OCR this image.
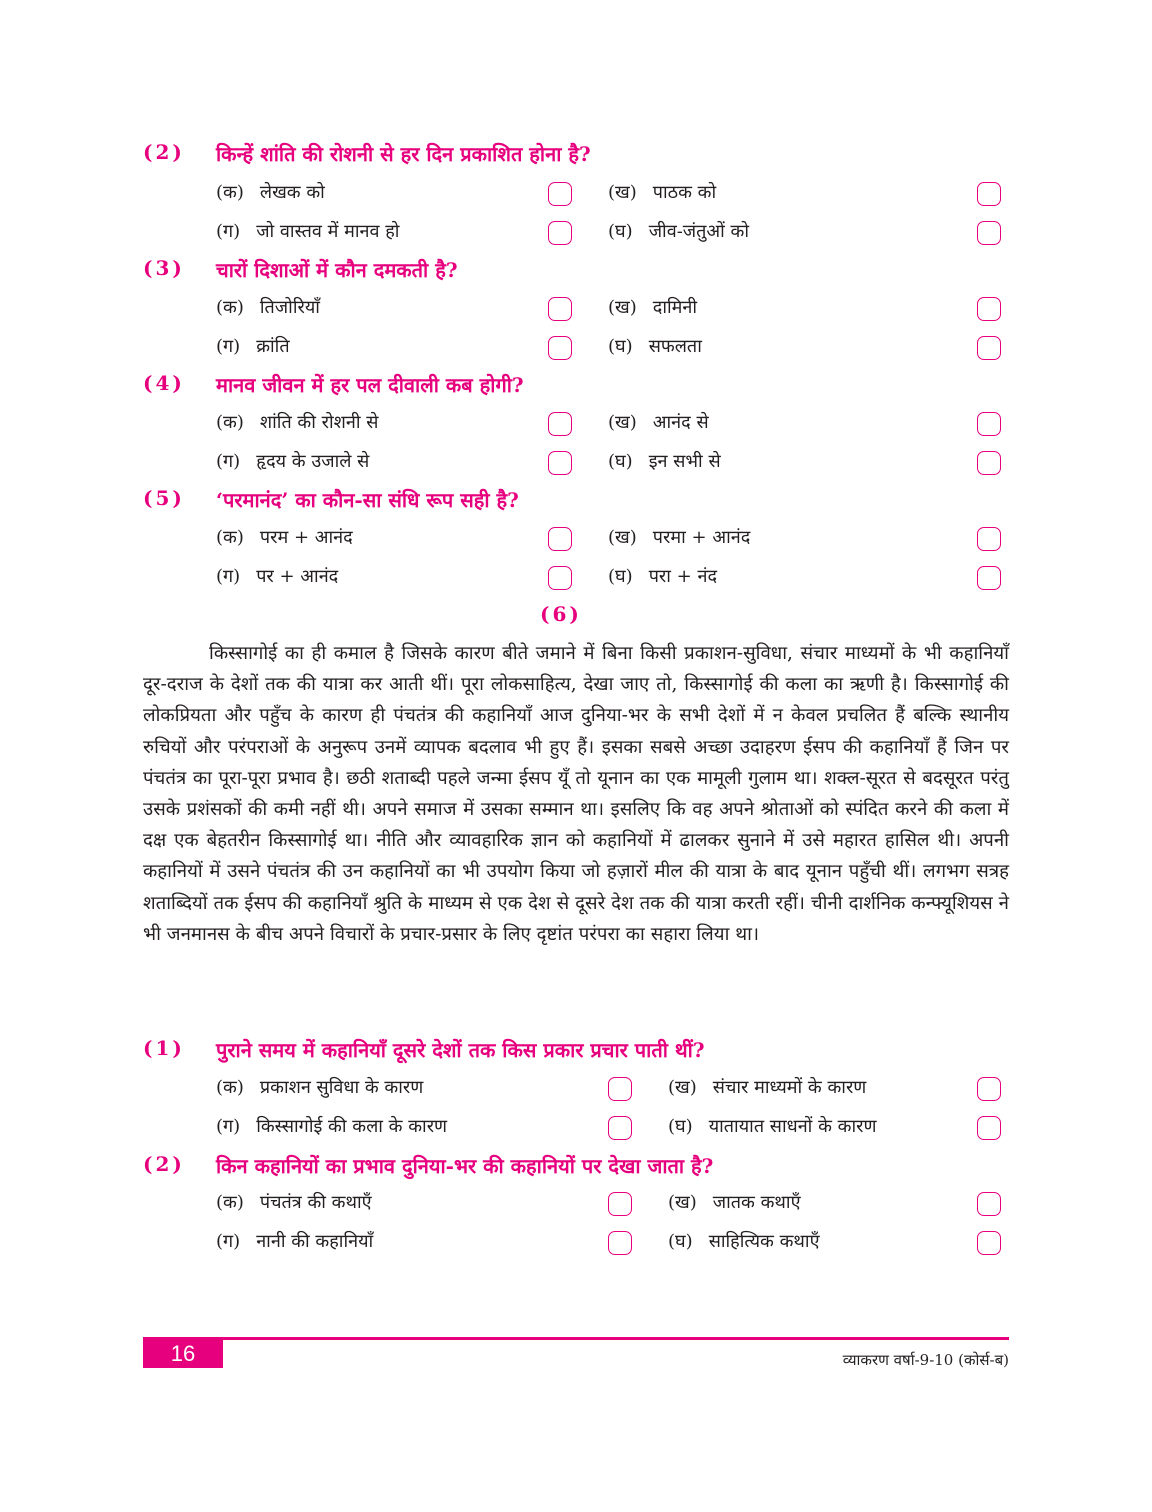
(2) किन्हें शांति की रोशनी से हर दिन प्रकाशित होना है?
(क) लेखक को	(ख) पाठक को
(ग) जो वास्तव में मानव हो	(घ) जीव-जंतुओं को
(3) चारों दिशाओं में कौन दमकती है?
(क) तिजोरियाँ	(ख) दामिनी
(ग) क्रांति	(घ) सफलता
(4) मानव जीवन में हर पल दीवाली कब होगी?
(क) शांति की रोशनी से	(ख) आनंद से
(ग) हृदय के उजाले से	(घ) इन सभी से
(5) ‘परमानंद’ का कौन-सा संधि रूप सही है?
(क) परम + आनंद	(ख) परमा + आनंद
(ग) पर + आनंद	(घ) परा + नंद
(6)
किस्सागोई का ही कमाल है जिसके कारण बीते जमाने में बिना किसी प्रकाशन-सुविधा, संचार माध्यमों के भी कहानियाँ दूर-दराज के देशों तक की यात्रा कर आती थीं। पूरा लोकसाहित्य, देखा जाए तो, किस्सागोई की कला का ऋणी है। किस्सागोई की लोकप्रियता और पहुँच के कारण ही पंचतंत्र की कहानियाँ आज दुनिया-भर के सभी देशों में न केवल प्रचलित हैं बल्कि स्थानीय रुचियों और परंपराओं के अनुरूप उनमें व्यापक बदलाव भी हुए हैं। इसका सबसे अच्छा उदाहरण ईसप की कहानियाँ हैं जिन पर पंचतंत्र का पूरा-पूरा प्रभाव है। छठी शताब्दी पहले जन्मा ईसप यूँ तो यूनान का एक मामूली गुलाम था। शक्ल-सूरत से बदसूरत परंतु उसके प्रशंसकों की कमी नहीं थी। अपने समाज में उसका सम्मान था। इसलिए कि वह अपने श्रोताओं को स्पंदित करने की कला में दक्ष एक बेहतरीन किस्सागोई था। नीति और व्यावहारिक ज्ञान को कहानियों में ढालकर सुनाने में उसे महारत हासिल थी। अपनी कहानियों में उसने पंचतंत्र की उन कहानियों का भी उपयोग किया जो हज़ारों मील की यात्रा के बाद यूनान पहुँची थीं। लगभग सत्रह शताब्दियों तक ईसप की कहानियाँ श्रुति के माध्यम से एक देश से दूसरे देश तक की यात्रा करती रहीं। चीनी दार्शनिक कन्फ्यूशियस ने भी जनमानस के बीच अपने विचारों के प्रचार-प्रसार के लिए दृष्टांत परंपरा का सहारा लिया था।
(1) पुराने समय में कहानियाँ दूसरे देशों तक किस प्रकार प्रचार पाती थीं?
(क) प्रकाशन सुविधा के कारण	(ख) संचार माध्यमों के कारण
(ग) किस्सागोई की कला के कारण	(घ) यातायात साधनों के कारण
(2) किन कहानियों का प्रभाव दुनिया-भर की कहानियों पर देखा जाता है?
(क) पंचतंत्र की कथाएँ	(ख) जातक कथाएँ
(ग) नानी की कहानियाँ	(घ) साहित्यिक कथाएँ
16	व्याकरण वर्षा-9-10 (कोर्स-ब)
